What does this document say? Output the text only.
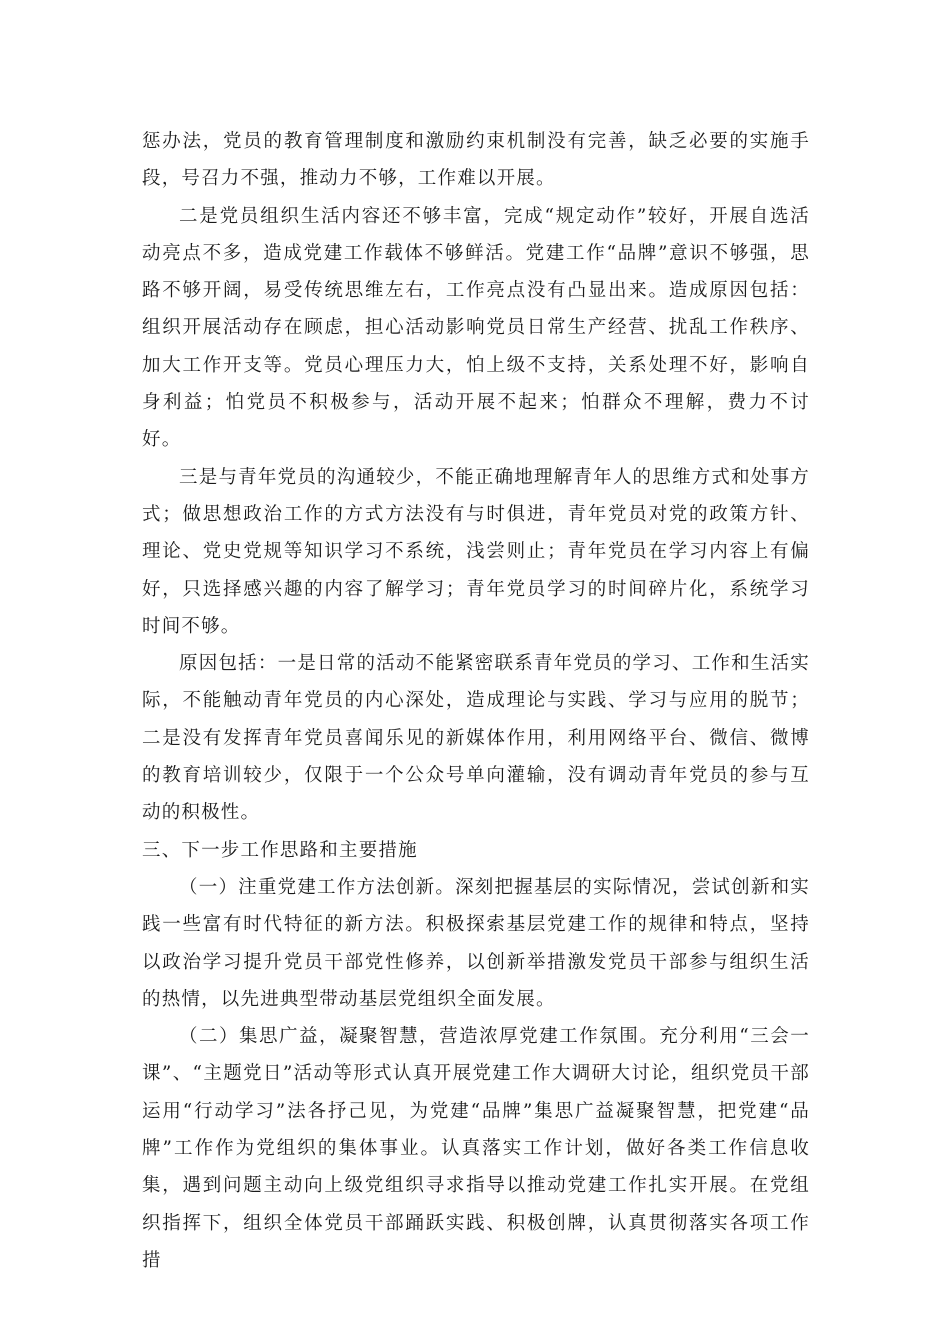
惩办法，党员的教育管理制度和激励约束机制没有完善，缺乏必要的实施手段，号召力不强，推动力不够，工作难以开展。

二是党员组织生活内容还不够丰富，完成“规定动作”较好，开展自选活动亮点不多，造成党建工作载体不够鲜活。党建工作“品牌”意识不够强，思路不够开阔，易受传统思维左右，工作亮点没有凸显出来。造成原因包括：组织开展活动存在顾虑，担心活动影响党员日常生产经营、扰乱工作秩序、加大工作开支等。党员心理压力大，怕上级不支持，关系处理不好，影响自身利益；怕党员不积极参与，活动开展不起来；怕群众不理解，费力不讨好。

三是与青年党员的沟通较少，不能正确地理解青年人的思维方式和处事方式；做思想政治工作的方式方法没有与时俱进，青年党员对党的政策方针、理论、党史党规等知识学习不系统，浅尝则止；青年党员在学习内容上有偏好，只选择感兴趣的内容了解学习；青年党员学习的时间碎片化，系统学习时间不够。

原因包括：一是日常的活动不能紧密联系青年党员的学习、工作和生活实际，不能触动青年党员的内心深处，造成理论与实践、学习与应用的脱节；二是没有发挥青年党员喜闻乐见的新媒体作用，利用网络平台、微信、微博的教育培训较少，仅限于一个公众号单向灌输，没有调动青年党员的参与互动的积极性。

三、下一步工作思路和主要措施

（一）注重党建工作方法创新。深刻把握基层的实际情况，尝试创新和实践一些富有时代特征的新方法。积极探索基层党建工作的规律和特点，坚持以政治学习提升党员干部党性修养，以创新举措激发党员干部参与组织生活的热情，以先进典型带动基层党组织全面发展。

（二）集思广益，凝聚智慧，营造浓厚党建工作氛围。充分利用“三会一课”、“主题党日”活动等形式认真开展党建工作大调研大讨论，组织党员干部运用“行动学习”法各抒己见，为党建“品牌”集思广益凝聚智慧，把党建“品牌”工作作为党组织的集体事业。认真落实工作计划，做好各类工作信息收集，遇到问题主动向上级党组织寻求指导以推动党建工作扎实开展。在党组织指挥下，组织全体党员干部踊跃实践、积极创牌，认真贯彻落实各项工作措
